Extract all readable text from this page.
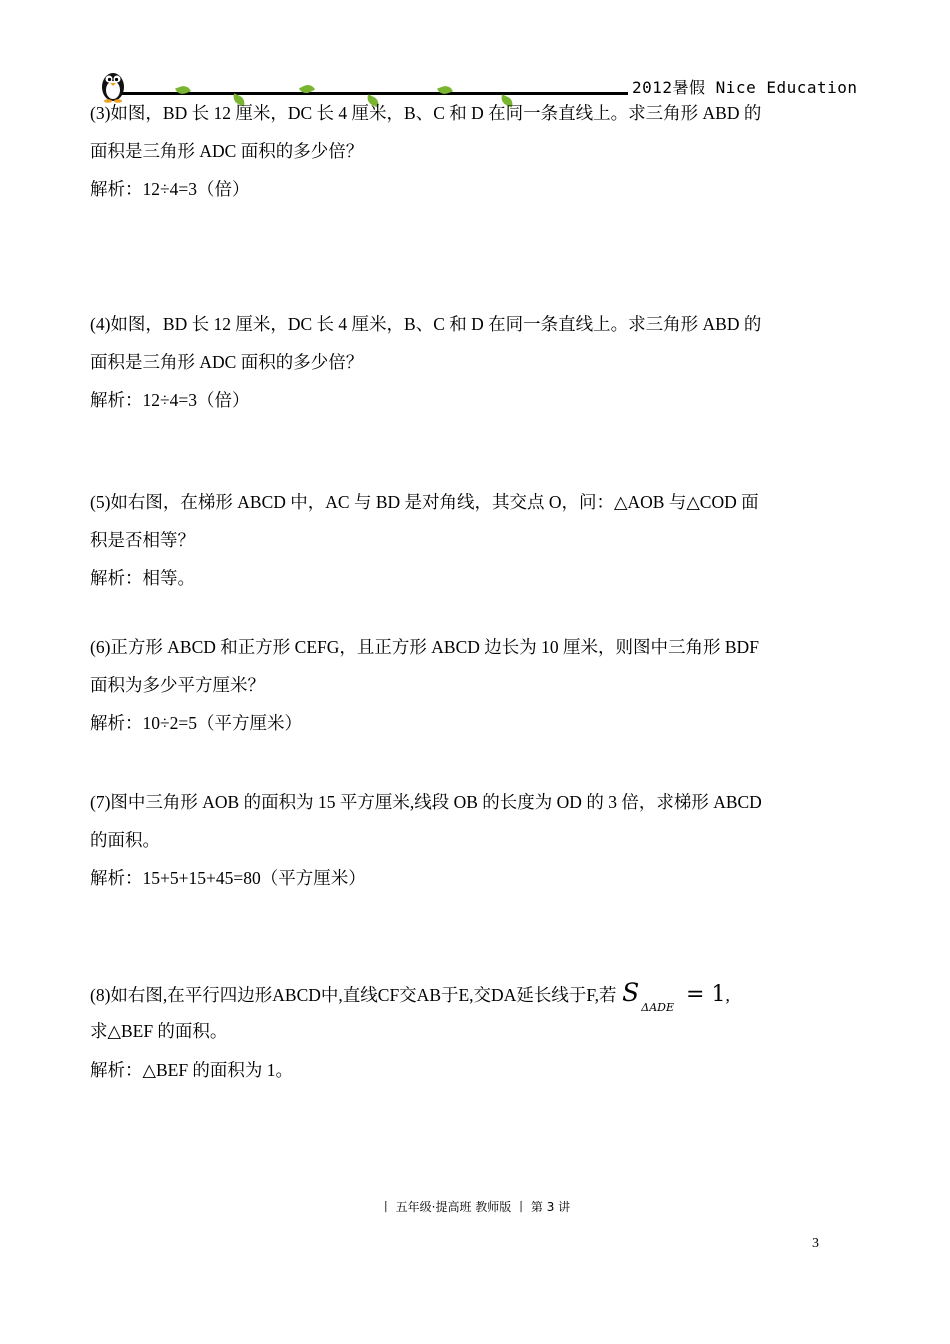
2012暑假 Nice Education

(3)如图，BD 长 12 厘米，DC 长 4 厘米，B、C 和 D 在同一条直线上。求三角形 ABD 的

面积是三角形 ADC 面积的多少倍？

解析：12÷4=3（倍）

(4)如图，BD 长 12 厘米，DC 长 4 厘米，B、C 和 D 在同一条直线上。求三角形 ABD 的

面积是三角形 ADC 面积的多少倍？

解析：12÷4=3（倍）

(5)如右图，在梯形 ABCD 中，AC 与 BD 是对角线，其交点 O，问：△AOB 与△COD 面

积是否相等？

解析：相等。

(6)正方形 ABCD 和正方形 CEFG，且正方形 ABCD 边长为 10 厘米，则图中三角形 BDF

面积为多少平方厘米？

解析：10÷2=5（平方厘米）

(7)图中三角形 AOB 的面积为 15 平方厘米,线段 OB 的长度为 OD 的 3 倍，求梯形 ABCD

的面积。

解析：15+5+15+45=80（平方厘米）

(8)如右图,在平行四边形ABCD中,直线CF交AB于E,交DA延长线于F,若 $S_{\Delta ADE}= 1$,

求△BEF 的面积。

解析：△BEF 的面积为 1。

丨 五年级·提高班 教师版 丨 第 3 讲
3
